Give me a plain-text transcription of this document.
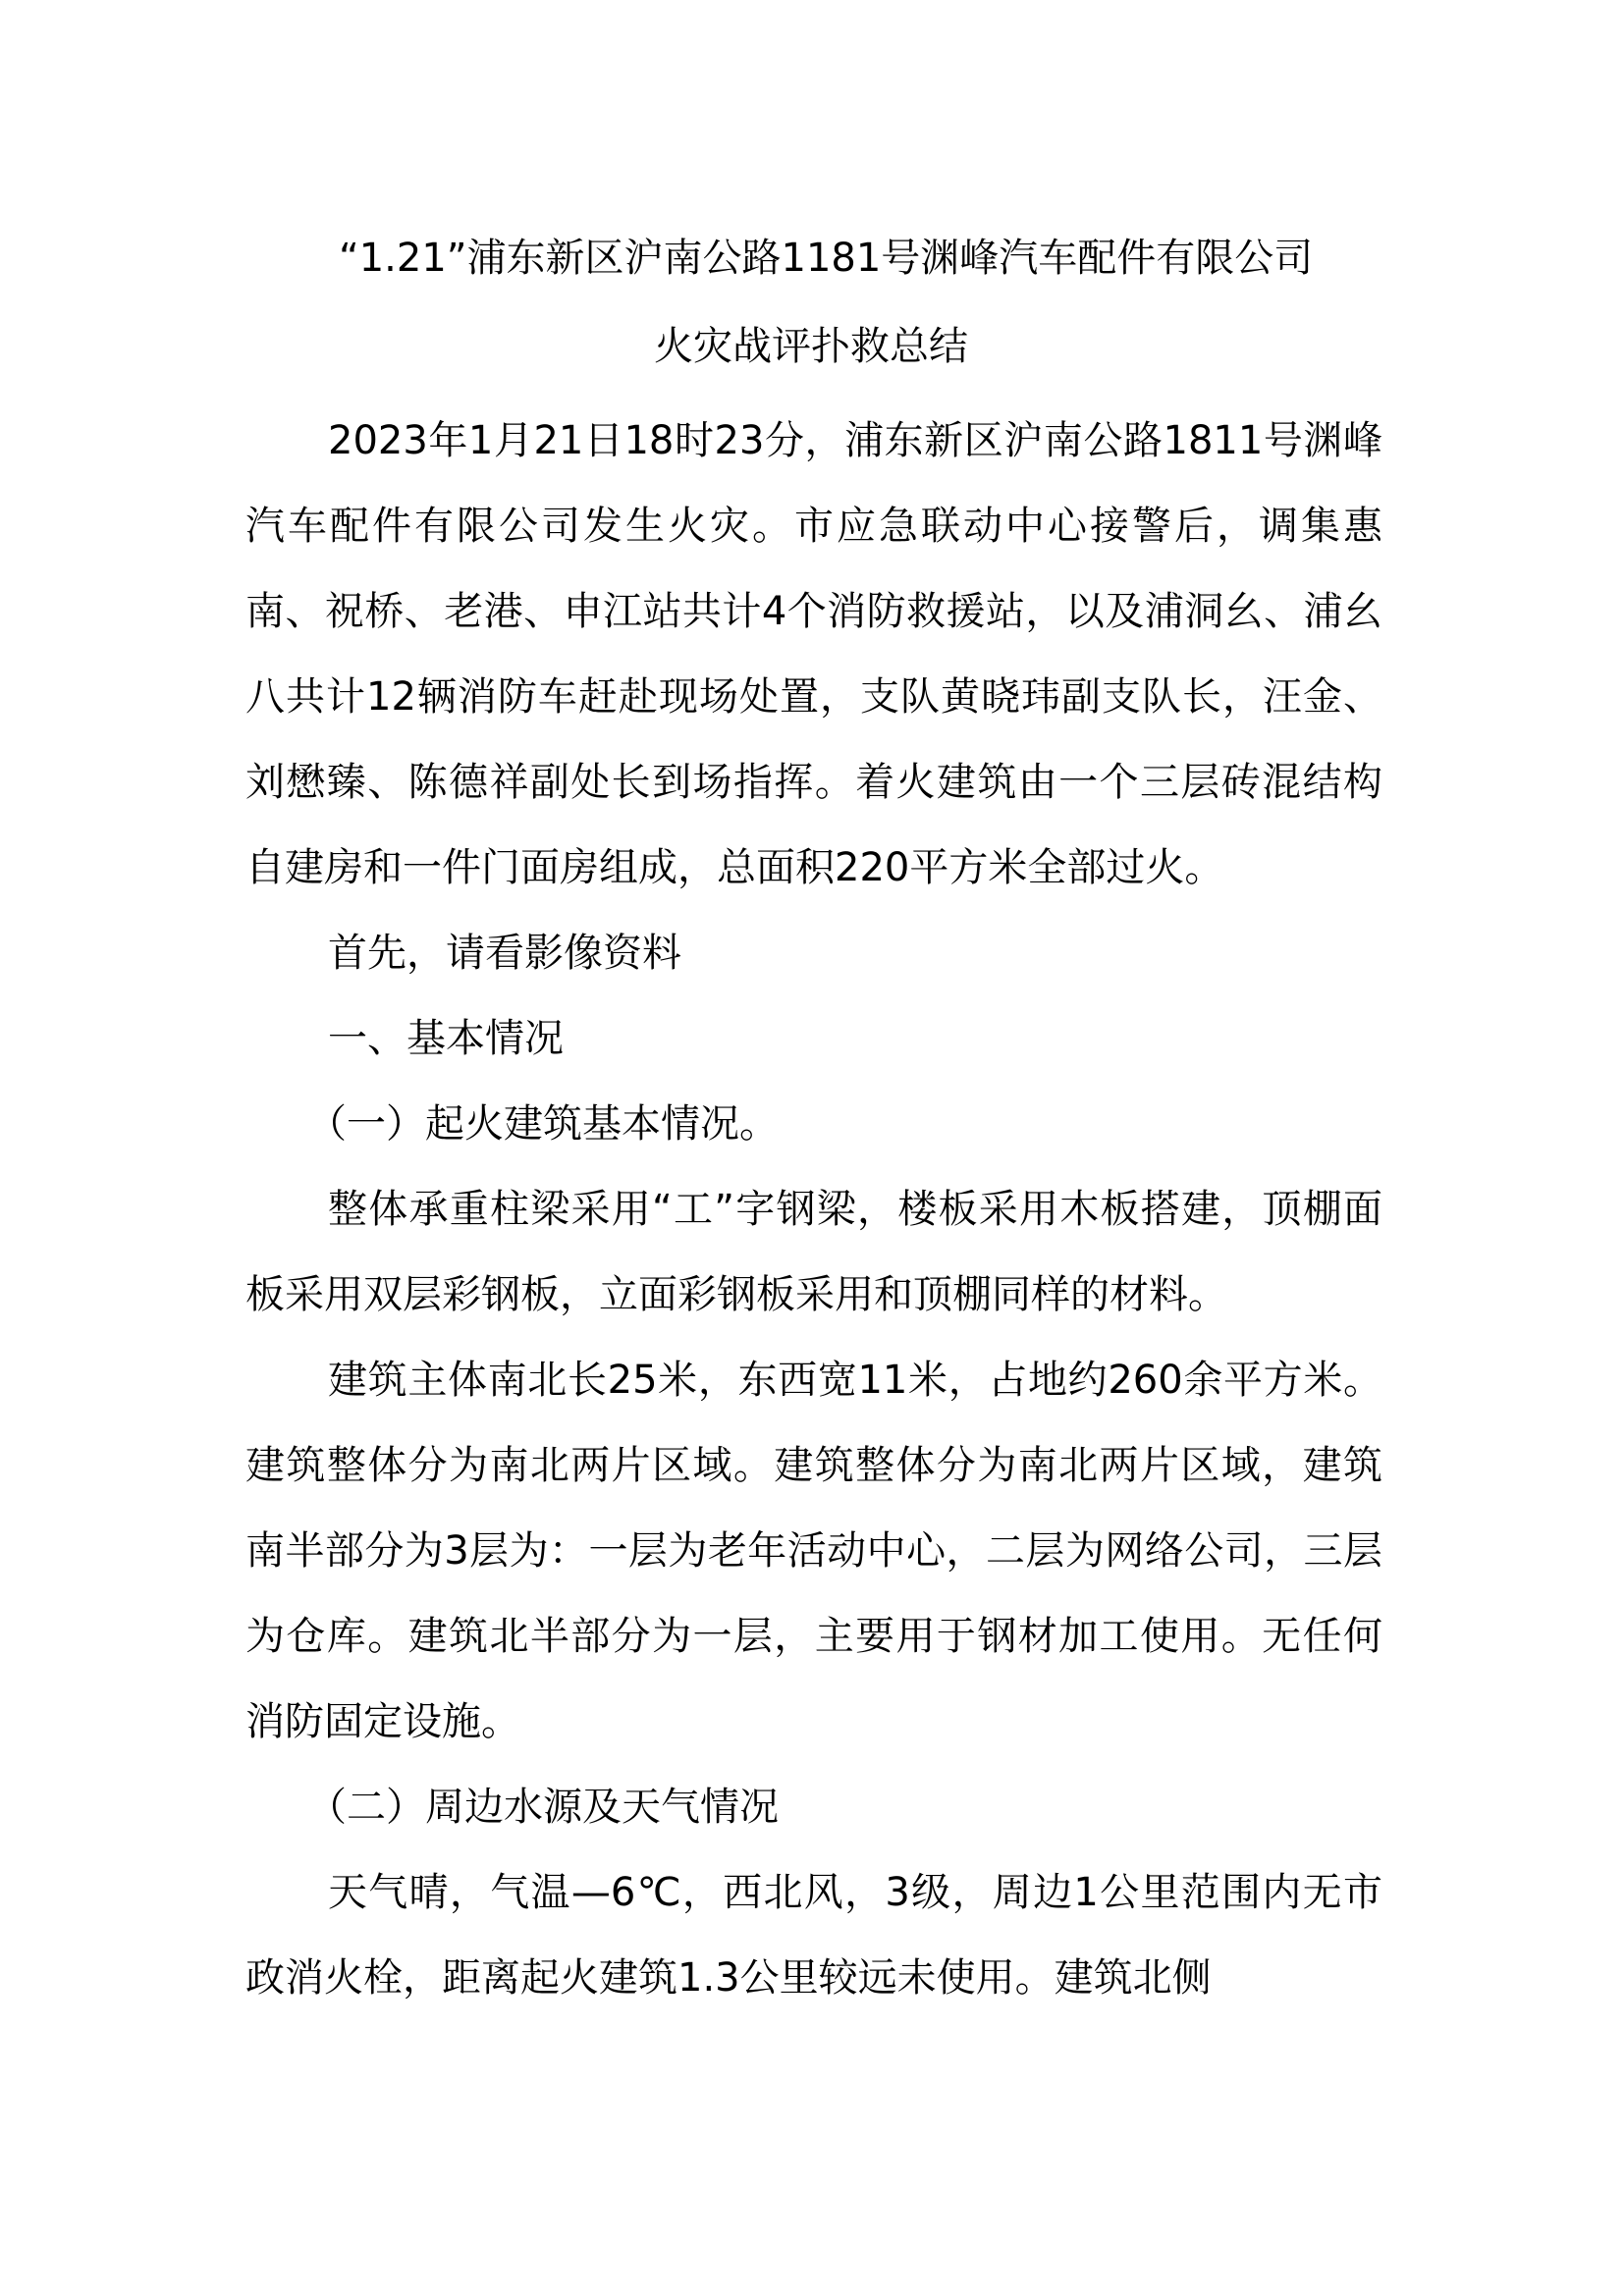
“1.21”浦东新区沪南公路1181号渊峰汽车配件有限公司
火灾战评扑救总结

2023年1月21日18时23分，浦东新区沪南公路1811号渊峰汽车配件有限公司发生火灾。市应急联动中心接警后，调集惠南、祝桥、老港、申江站共计4个消防救援站，以及浦洞幺、浦幺八共计12辆消防车赶赴现场处置，支队黄晓玮副支队长，汪金、刘懋臻、陈德祥副处长到场指挥。着火建筑由一个三层砖混结构自建房和一件门面房组成，总面积220平方米全部过火。

首先，请看影像资料

一、基本情况

（一）起火建筑基本情况。

整体承重柱梁采用“工”字钢梁，楼板采用木板搭建，顶棚面板采用双层彩钢板，立面彩钢板采用和顶棚同样的材料。

建筑主体南北长25米，东西宽11米，占地约260余平方米。建筑整体分为南北两片区域。建筑整体分为南北两片区域，建筑南半部分为3层为：一层为老年活动中心，二层为网络公司，三层为仓库。建筑北半部分为一层，主要用于钢材加工使用。无任何消防固定设施。

（二）周边水源及天气情况

天气晴，气温—6℃，西北风，3级，周边1公里范围内无市政消火栓，距离起火建筑1.3公里较远未使用。建筑北侧
